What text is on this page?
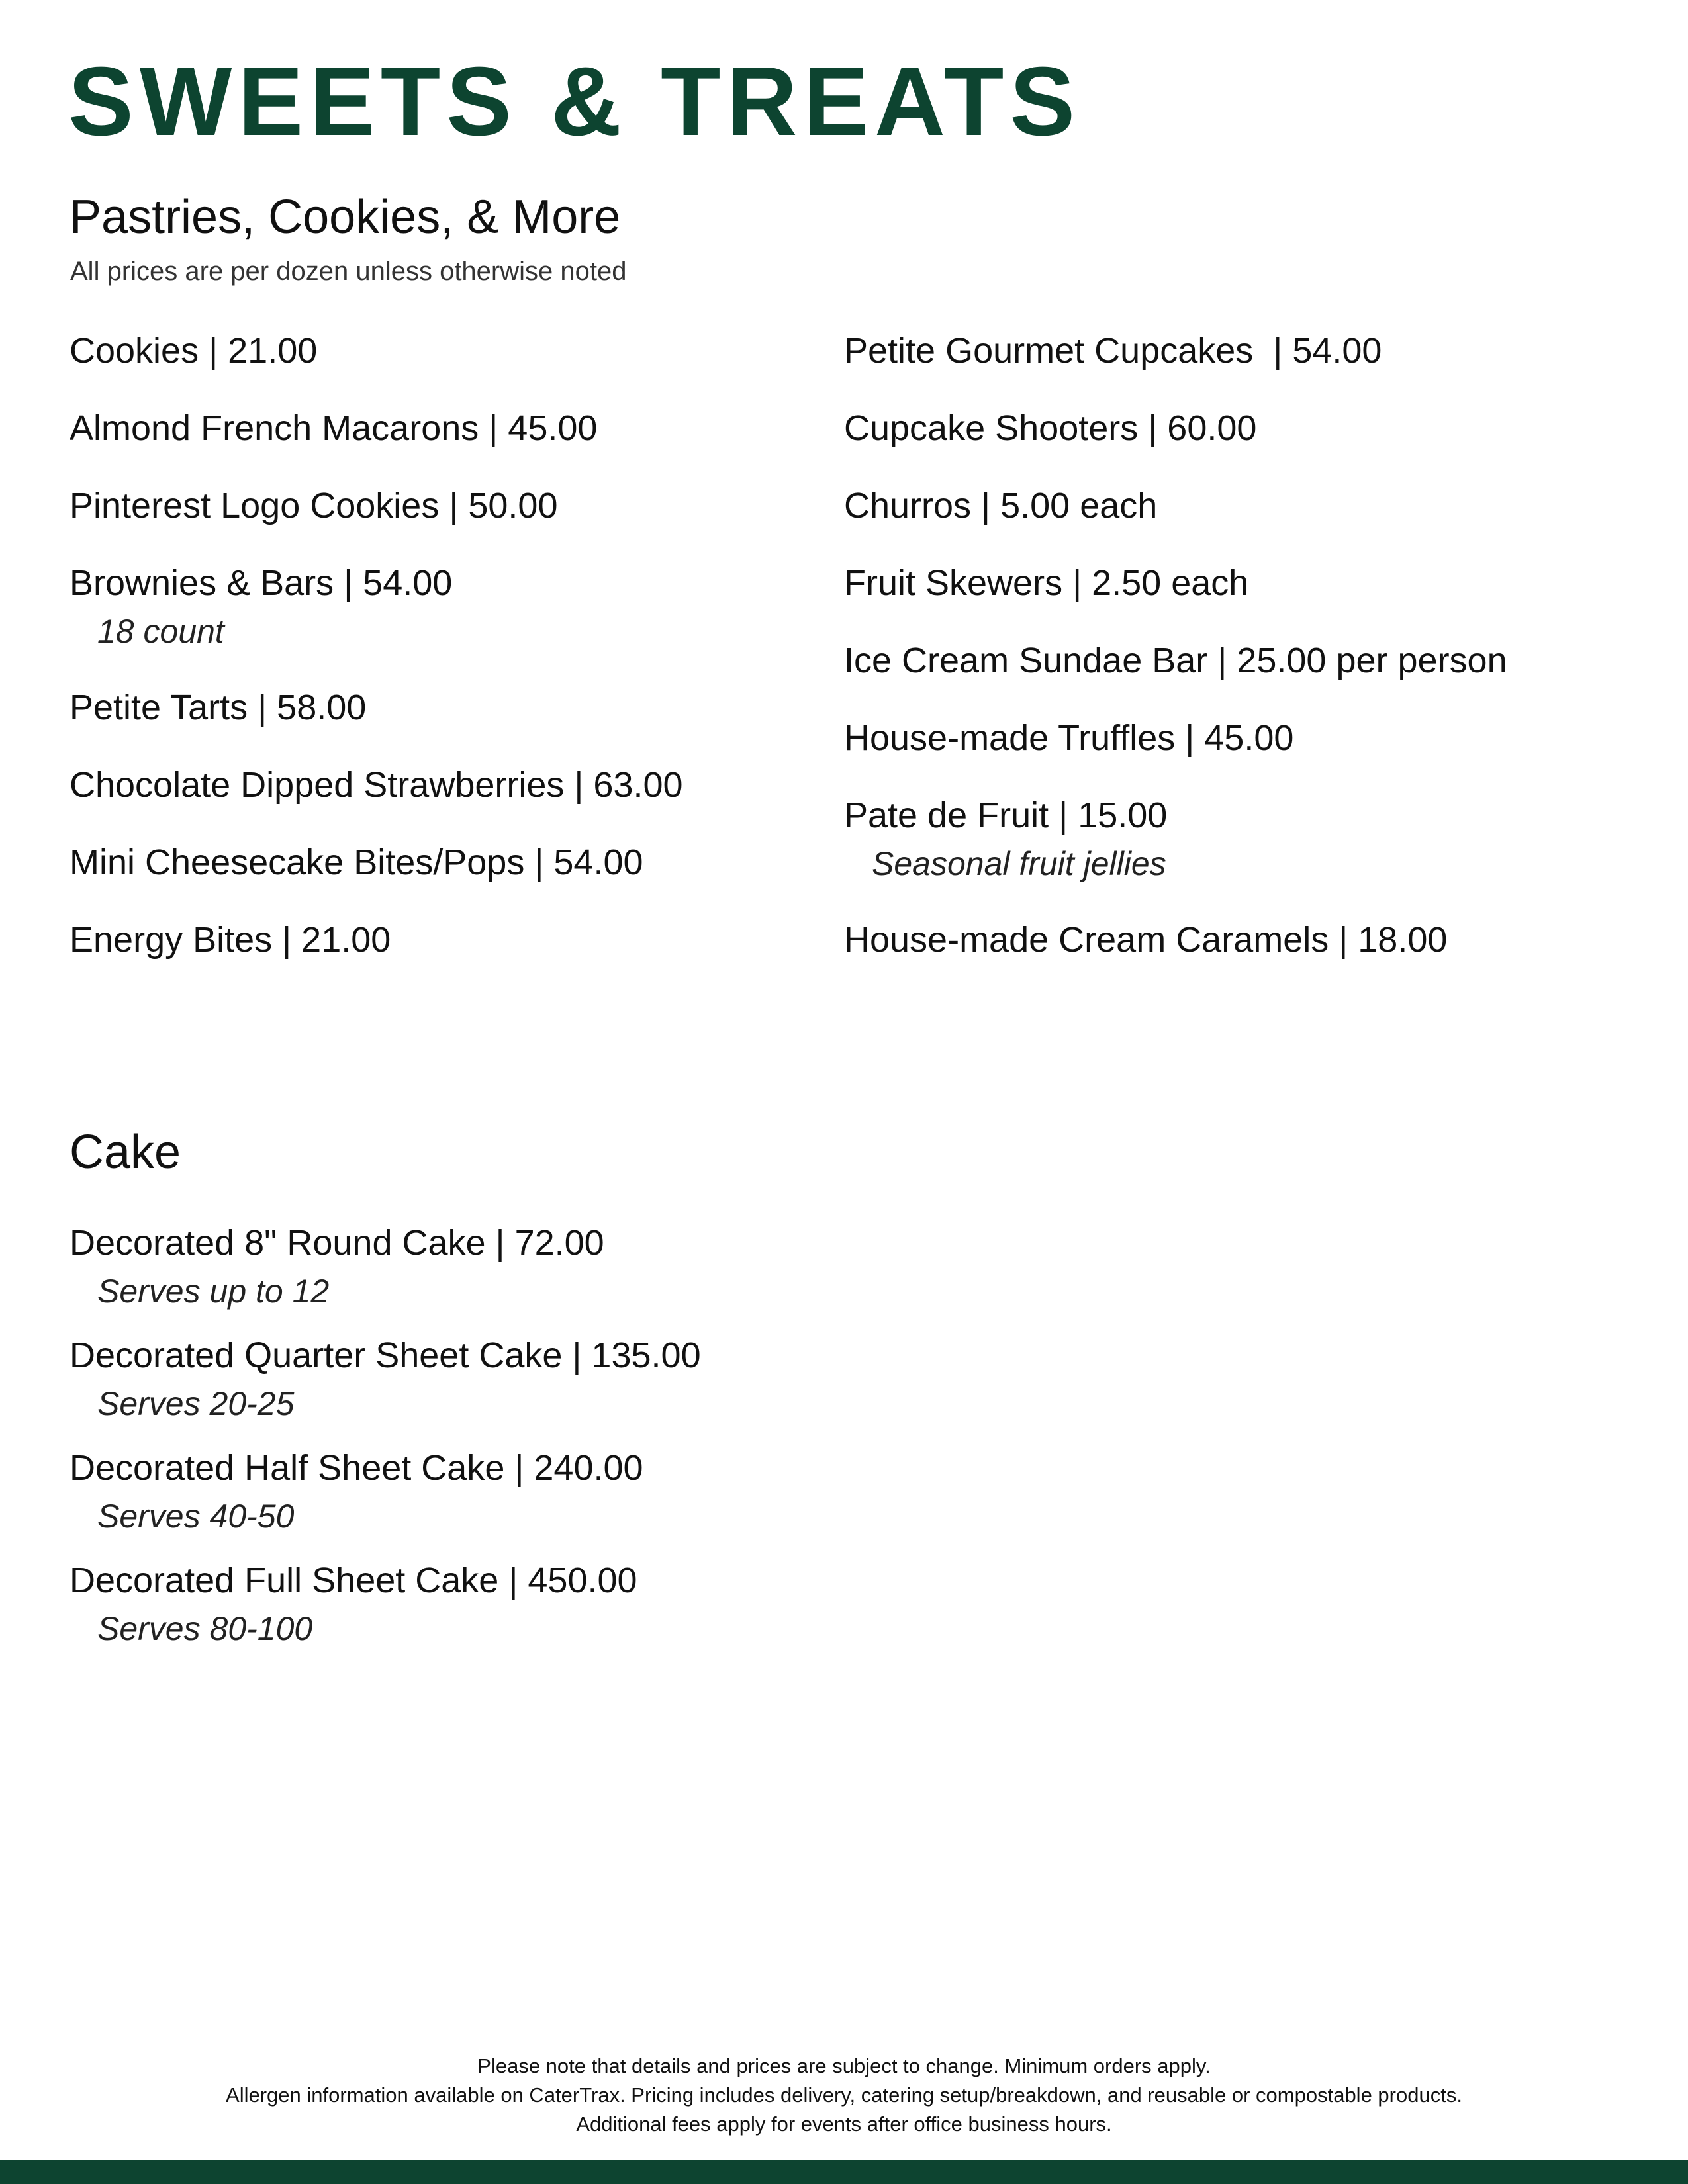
SWEETS & TREATS
Pastries, Cookies, & More
All prices are per dozen unless otherwise noted
Cookies | 21.00
Almond French Macarons | 45.00
Pinterest Logo Cookies | 50.00
Brownies & Bars | 54.00
18 count
Petite Tarts | 58.00
Chocolate Dipped Strawberries | 63.00
Mini Cheesecake Bites/Pops | 54.00
Energy Bites | 21.00
Petite Gourmet Cupcakes  | 54.00
Cupcake Shooters | 60.00
Churros | 5.00 each
Fruit Skewers | 2.50 each
Ice Cream Sundae Bar | 25.00 per person
House-made Truffles | 45.00
Pate de Fruit | 15.00
Seasonal fruit jellies
House-made Cream Caramels | 18.00
Cake
Decorated 8" Round Cake | 72.00
Serves up to 12
Decorated Quarter Sheet Cake | 135.00
Serves 20-25
Decorated Half Sheet Cake | 240.00
Serves 40-50
Decorated Full Sheet Cake | 450.00
Serves 80-100
Please note that details and prices are subject to change. Minimum orders apply.
Allergen information available on CaterTrax. Pricing includes delivery, catering setup/breakdown, and reusable or compostable products.
Additional fees apply for events after office business hours.
